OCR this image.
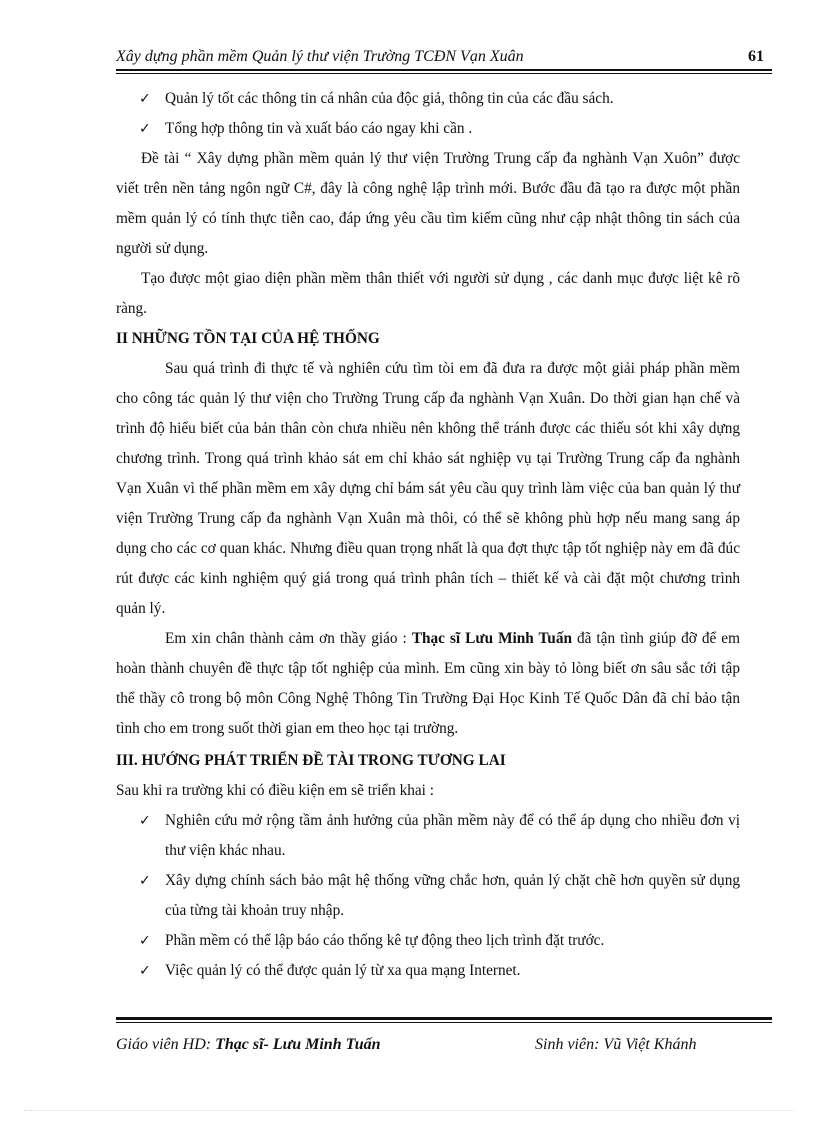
Xây dựng phần mềm Quản lý thư viện Trường TCĐN Vạn Xuân	61
✓ Quản lý tốt các thông tin cá nhân của độc giả, thông tin của các đầu sách.
✓ Tổng hợp thông tin và xuất báo cáo ngay khi cần .

Đề tài “ Xây dựng phần mềm quản lý thư viện Trường Trung cấp đa nghành Vạn Xuôn” được viết trên nền tảng ngôn ngữ C#, đây là công nghệ lập trình mới. Bước đầu đã tạo ra được một phần mềm quản lý có tính thực tiễn cao, đáp ứng yêu cầu tìm kiếm cũng như cập nhật thông tin sách của người sử dụng.

Tạo được một giao diện phần mềm thân thiết với người sử dụng , các danh mục được liệt kê rõ ràng.

II NHỮNG TỒN TẠI CỦA HỆ THỐNG

Sau quá trình đi thực tế và nghiên cứu tìm tòi em đã đưa ra được một giải pháp phần mềm cho công tác quản lý thư viện cho Trường Trung cấp đa nghành Vạn Xuân. Do thời gian hạn chế và trình độ hiểu biết của bản thân còn chưa nhiều nên không thể tránh được các thiếu sót khi xây dựng chương trình. Trong quá trình khảo sát em chỉ khảo sát nghiệp vụ tại Trường Trung cấp đa nghành Vạn Xuân vì thế phần mềm em xây dựng chỉ bám sát yêu cầu quy trình làm việc của ban quản lý thư viện Trường Trung cấp đa nghành Vạn Xuân mà thôi, có thể sẽ không phù hợp nếu mang sang áp dụng cho các cơ quan khác. Nhưng điều quan trọng nhất là qua đợt thực tập tốt nghiệp này em đã đúc rút được các kinh nghiệm quý giá trong quá trình phân tích – thiết kế và cài đặt một chương trình quản lý.

Em xin chân thành cảm ơn thầy giáo : Thạc sĩ Lưu Minh Tuấn đã tận tình giúp đỡ để em hoàn thành chuyên đề thực tập tốt nghiệp của mình. Em cũng xin bày tỏ lòng biết ơn sâu sắc tới tập thể thầy cô trong bộ môn Công Nghệ Thông Tin Trường Đại Học Kinh Tế Quốc Dân đã chỉ bảo tận tình cho em trong suốt thời gian em theo học tại trường.

III. HƯỚNG PHÁT TRIỂN ĐỀ TÀI TRONG TƯƠNG LAI

Sau khi ra trường khi có điều kiện em sẽ triển khai :

✓ Nghiên cứu mở rộng tầm ảnh hưởng của phần mềm này để có thể áp dụng cho nhiều đơn vị thư viện khác nhau.

✓ Xây dựng chính sách bảo mật hệ thống vững chắc hơn, quản lý chặt chẽ hơn quyền sử dụng của từng tài khoản truy nhập.

✓ Phần mềm có thể lập báo cáo thống kê tự động theo lịch trình đặt trước.

✓ Việc quản lý có thể được quản lý từ xa qua mạng Internet.

Giáo viên HD: Thạc sĩ- Lưu Minh Tuấn	Sinh viên: Vũ Việt Khánh
